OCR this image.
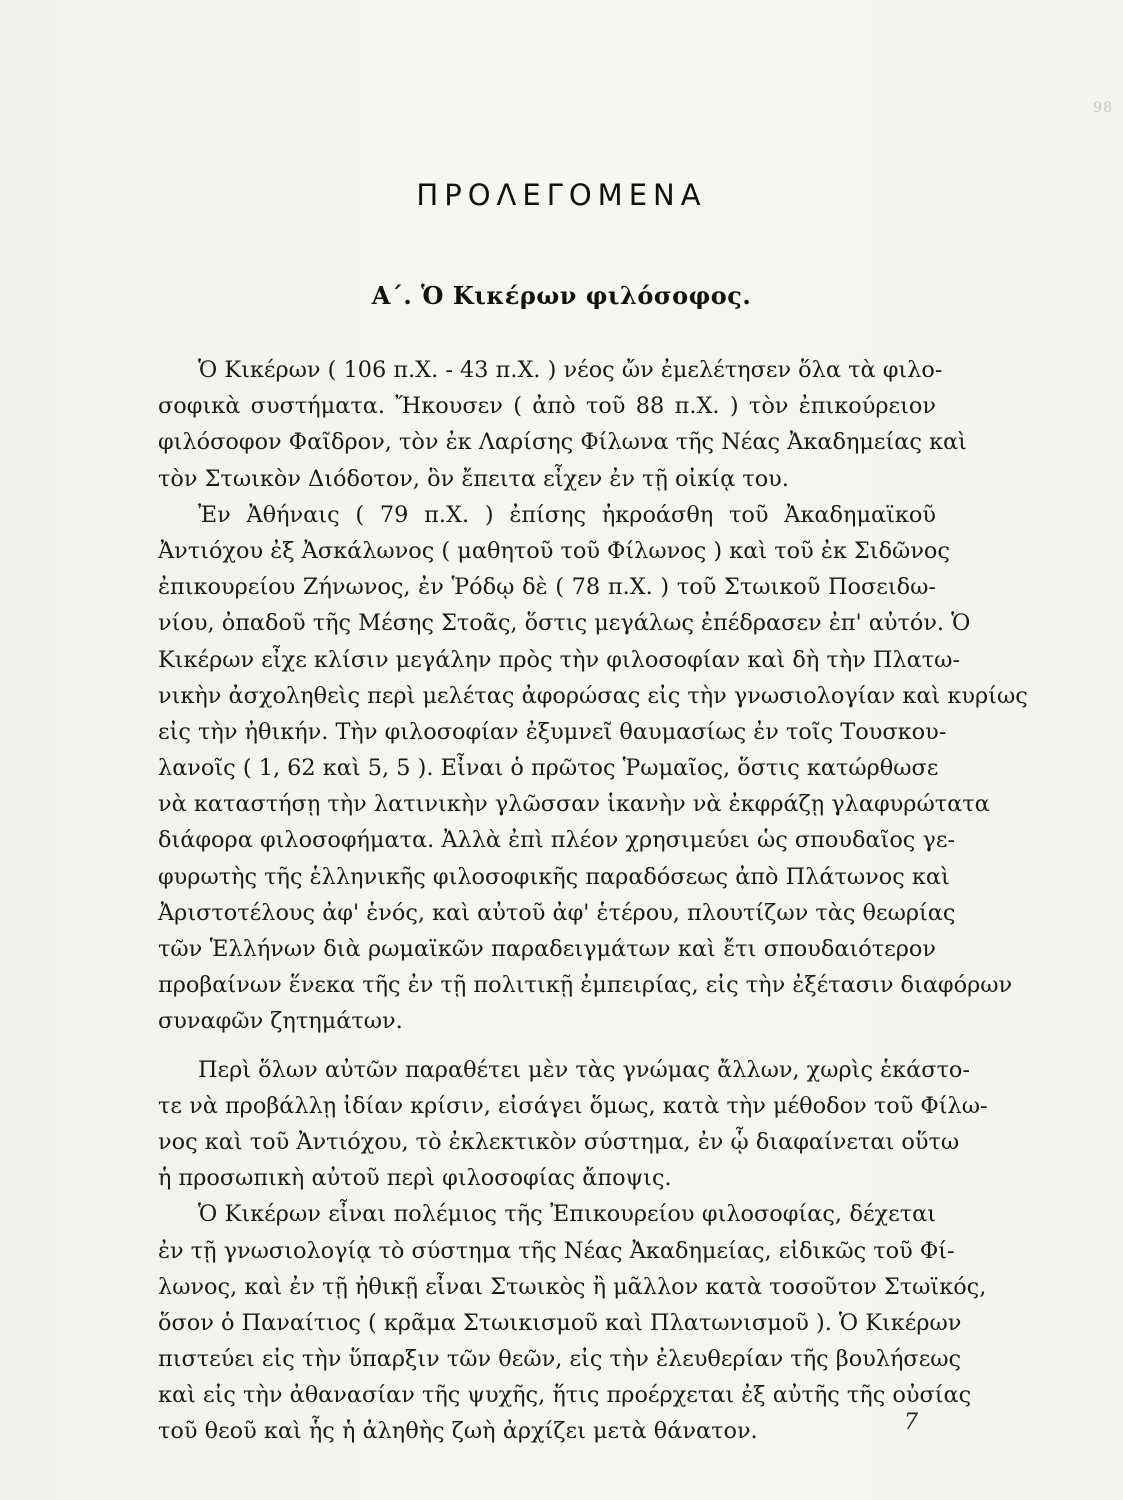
98
ΠΡΟΛΕΓΟΜΕΝΑ
Α΄. Ὁ Κικέρων φιλόσοφος.
Ὁ Κικέρων ( 106 π.Χ. - 43 π.Χ. ) νέος ὤν ἐμελέτησεν ὅλα τὰ φιλο-
σοφικὰ συστήματα. Ἤκουσεν ( ἀπὸ τοῦ 88 π.Χ. ) τὸν ἐπικούρειον
φιλόσοφον Φαῖδρον, τὸν ἐκ Λαρίσης Φίλωνα τῆς Νέας Ἀκαδημείας καὶ
τὸν Στωικὸν Διόδοτον, ὃν ἔπειτα εἶχεν ἐν τῇ οἰκίᾳ του.
Ἐν Ἀθήναις ( 79 π.Χ. ) ἐπίσης ἠκροάσθη τοῦ Ἀκαδημαϊκοῦ
Ἀντιόχου ἐξ Ἀσκάλωνος ( μαθητοῦ τοῦ Φίλωνος ) καὶ τοῦ ἐκ Σιδῶνος
ἐπικουρείου Ζήνωνος, ἐν Ῥόδῳ δὲ ( 78 π.Χ. ) τοῦ Στωικοῦ Ποσειδω-
νίου, ὀπαδοῦ τῆς Μέσης Στοᾶς, ὅστις μεγάλως ἐπέδρασεν ἐπ' αὐτόν. Ὁ
Κικέρων εἶχε κλίσιν μεγάλην πρὸς τὴν φιλοσοφίαν καὶ δὴ τὴν Πλατω-
νικὴν ἀσχοληθεὶς περὶ μελέτας ἀφορώσας εἰς τὴν γνωσιολογίαν καὶ κυρίως
εἰς τὴν ἠθικήν. Τὴν φιλοσοφίαν ἐξυμνεῖ θαυμασίως ἐν τοῖς Τουσκου-
λανοῖς ( 1, 62 καὶ 5, 5 ). Εἶναι ὁ πρῶτος Ῥωμαῖος, ὅστις κατώρθωσε
νὰ καταστήσῃ τὴν λατινικὴν γλῶσσαν ἱκανὴν νὰ ἐκφράζῃ γλαφυρώτατα
διάφορα φιλοσοφήματα. Ἀλλὰ ἐπὶ πλέον χρησιμεύει ὡς σπουδαῖος γε-
φυρωτὴς τῆς ἑλληνικῆς φιλοσοφικῆς παραδόσεως ἀπὸ Πλάτωνος καὶ
Ἀριστοτέλους ἀφ' ἑνός, καὶ αὐτοῦ ἀφ' ἑτέρου, πλουτίζων τὰς θεωρίας
τῶν Ἑλλήνων διὰ ρωμαϊκῶν παραδειγμάτων καὶ ἔτι σπουδαιότερον
προβαίνων ἕνεκα τῆς ἐν τῇ πολιτικῇ ἐμπειρίας, εἰς τὴν ἐξέτασιν διαφόρων
συναφῶν ζητημάτων.
Περὶ ὅλων αὐτῶν παραθέτει μὲν τὰς γνώμας ἄλλων, χωρὶς ἑκάστο-
τε νὰ προβάλλῃ ἰδίαν κρίσιν, εἰσάγει ὅμως, κατὰ τὴν μέθοδον τοῦ Φίλω-
νος καὶ τοῦ Ἀντιόχου, τὸ ἐκλεκτικὸν σύστημα, ἐν ᾧ διαφαίνεται οὕτω
ἡ προσωπικὴ αὐτοῦ περὶ φιλοσοφίας ἄποψις.
Ὁ Κικέρων εἶναι πολέμιος τῆς Ἐπικουρείου φιλοσοφίας, δέχεται
ἐν τῇ γνωσιολογίᾳ τὸ σύστημα τῆς Νέας Ἀκαδημείας, εἰδικῶς τοῦ Φί-
λωνος, καὶ ἐν τῇ ἠθικῇ εἶναι Στωικὸς ἢ μᾶλλον κατὰ τοσοῦτον Στωϊκός,
ὅσον ὁ Παναίτιος ( κρᾶμα Στωικισμοῦ καὶ Πλατωνισμοῦ ). Ὁ Κικέρων
πιστεύει εἰς τὴν ὕπαρξιν τῶν θεῶν, εἰς τὴν ἐλευθερίαν τῆς βουλήσεως
καὶ εἰς τὴν ἀθανασίαν τῆς ψυχῆς, ἥτις προέρχεται ἐξ αὐτῆς τῆς οὐσίας
τοῦ θεοῦ καὶ ἧς ἡ ἀληθὴς ζωὴ ἀρχίζει μετὰ θάνατον.	7
